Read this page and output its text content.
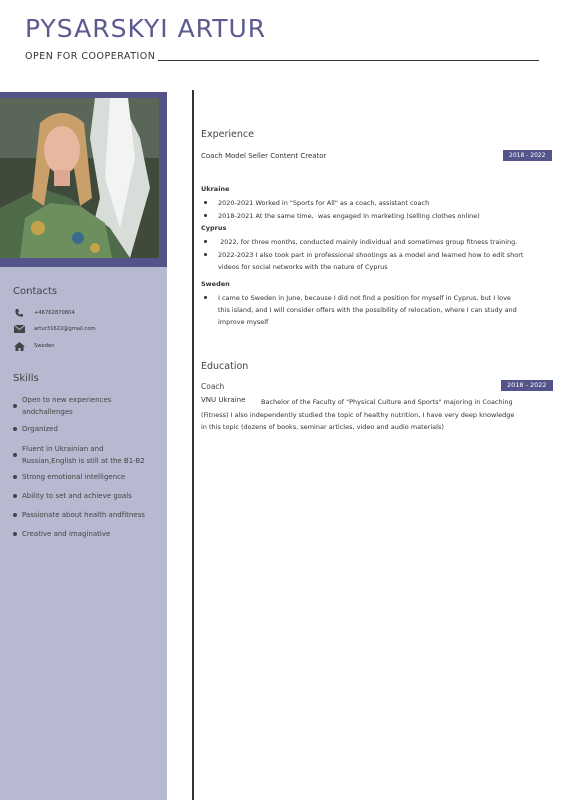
PYSARSKYI ARTUR
OPEN FOR COOPERATION
Contacts
+46762870804
artur31622@gmail.com
Sweden
Skills
Open to new experiences
andchallenges
Organized
Fluent in Ukrainian and
Russian,English is still at the B1-B2
Strong emotional intelligence
Ability to set and achieve goals
Passionate about health andfitness
Creative and imaginative
Experience
Coach Model Seller Content Creator	2018 - 2022
Ukraine
2020-2021 Worked in "Sports for All" as a coach, assistant coach
2018-2021 At the same time,  was engaged in marketing (selling clothes online)
Cyprus
2022, for three months, conducted mainly individual and sometimes group fitness training.
2022-2023 I also took part in professional shootings as a model and learned how to edit short
videos for social networks with the nature of Cyprus
Sweden
I came to Sweden in June, because I did not find a position for myself in Cyprus, but I love
this island, and I will consider offers with the possibility of relocation, where I can study and
improve myself
Education
Coach	2018 - 2022
VNU Ukraine	Bachelor of the Faculty of "Physical Culture and Sports" majoring in Coaching
(Fitness) I also independently studied the topic of healthy nutrition, I have very deep knowledge
in this topic (dozens of books, seminar articles, video and audio materials)
